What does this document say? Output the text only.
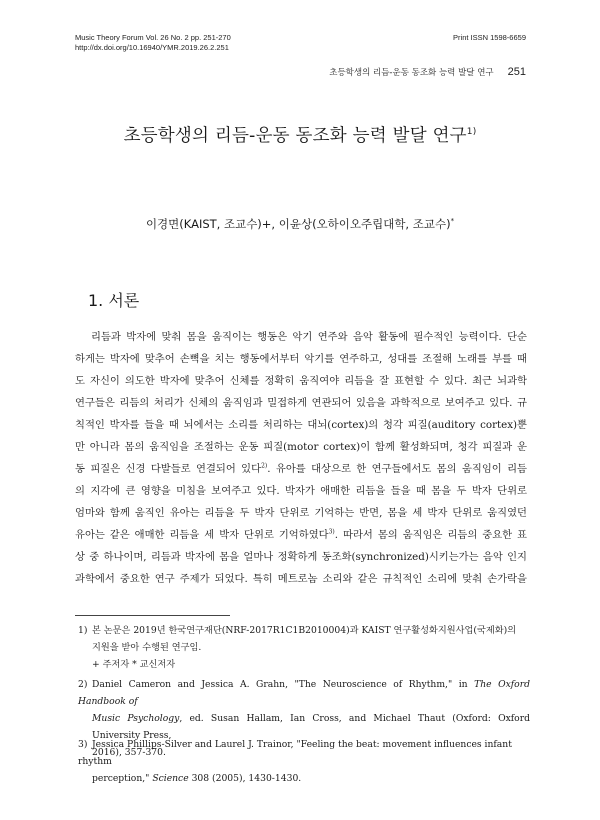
Music Theory Forum Vol. 26 No. 2 pp. 251-270
http://dx.doi.org/10.16940/YMR.2019.26.2.251
Print ISSN 1598-6659
초등학생의 리듬-운동 동조화 능력 발달 연구 251
초등학생의 리듬-운동 동조화 능력 발달 연구$^{1)}$
이경면(KAIST, 조교수)+, 이윤상(오하이오주립대학, 조교수)*
1. 서론
리듬과 박자에 맞춰 몸을 움직이는 행동은 악기 연주와 음악 활동에 필수적인 능력이다. 단순
하게는 박자에 맞추어 손뼉을 치는 행동에서부터 악기를 연주하고, 성대를 조절해 노래를 부를 때
도 자신이 의도한 박자에 맞추어 신체를 정확히 움직여야 리듬을 잘 표현할 수 있다. 최근 뇌과학
연구들은 리듬의 처리가 신체의 움직임과 밀접하게 연관되어 있음을 과학적으로 보여주고 있다. 규
칙적인 박자를 들을 때 뇌에서는 소리를 처리하는 대뇌(cortex)의 청각 피질(auditory cortex)뿐
만 아니라 몸의 움직임을 조절하는 운동 피질(motor cortex)이 함께 활성화되며, 청각 피질과 운
동 피질은 신경 다발들로 연결되어 있다$^{2)}$. 유아를 대상으로 한 연구들에서도 몸의 움직임이 리듬
의 지각에 큰 영향을 미침을 보여주고 있다. 박자가 애매한 리듬을 들을 때 몸을 두 박자 단위로
엄마와 함께 움직인 유아는 리듬을 두 박자 단위로 기억하는 반면, 몸을 세 박자 단위로 움직였던
유아는 같은 애매한 리듬을 세 박자 단위로 기억하였다$^{3)}$. 따라서 몸의 움직임은 리듬의 중요한 표
상 중 하나이며, 리듬과 박자에 몸을 얼마나 정확하게 동조화(synchronized)시키는가는 음악 인지
과학에서 중요한 연구 주제가 되었다. 특히 메트로놈 소리와 같은 규칙적인 소리에 맞춰 손가락을
1) 본 논문은 2019년 한국연구재단(NRF-2017R1C1B2010004)과 KAIST 연구활성화지원사업(국제화)의
지원을 받아 수행된 연구임.
+ 주저자 * 교신저자
2) Daniel Cameron and Jessica A. Grahn, "The Neuroscience of Rhythm," in The Oxford Handbook of
Music Psychology, ed. Susan Hallam, Ian Cross, and Michael Thaut (Oxford: Oxford University Press,
2016), 357-370.
3) Jessica Phillips-Silver and Laurel J. Trainor, "Feeling the beat: movement influences infant rhythm
perception," Science 308 (2005), 1430-1430.
